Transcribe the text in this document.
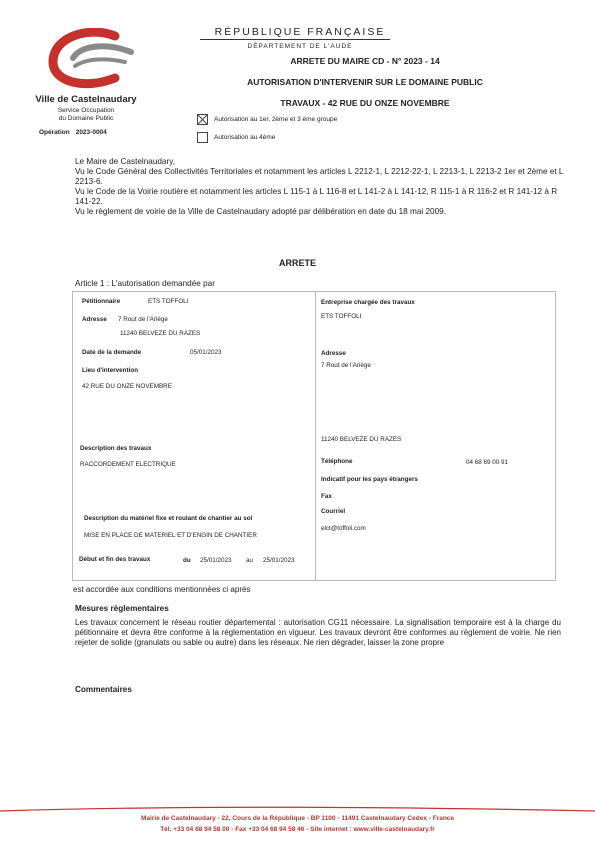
Ville de Castelnaudary
Service Occupation
du Domaine Public
Opération 2023-0004
RÉPUBLIQUE FRANÇAISE
DÉPARTEMENT DE L'AUDE
ARRETE DU MAIRE CD - N° 2023 - 14
AUTORISATION D'INTERVENIR SUR LE DOMAINE PUBLIC
TRAVAUX - 42 RUE DU ONZE NOVEMBRE
Autorisation au 1er, 2ème et 3 ème groupe
Autorisation au 4ème

Le Maire de Castelnaudary,

Vu le Code Général des Collectivités Territoriales et notamment les articles L 2212-1, L 2212-22-1, L 2213-1, L 2213-2 1er et 2ème et L 2213-6.

Vu le Code de la Voirie routière et notamment les articles L 115-1 à L 116-8 et L 141-2 à L 141-12, R 115-1 à R 116-2 et R 141-12 à R 141-22.

Vu le règlement de voirie de la Ville de Castelnaudary adopté par délibération en date du 18 mai 2009.

ARRETE
Article 1 : L'autorisation demandée par
Pétitionnaire	ETS TOFFOLI
Adresse 7 Rout de l'Ariège
11240 BELVEZE DU RAZES
Date de la demande	05/01/2023
Lieu d'intervention
42 RUE DU ONZE NOVEMBRE
Description des travaux
RACCORDEMENT ELECTRIQUE
Description du matériel fixe et roulant de chantier au sol
MISE EN PLACE DE MATERIEL ET D'ENGIN DE CHANTIER
Début et fin des travaux	du 25/01/2023 au 25/01/2023
Entreprise chargée des travaux
ETS TOFFOLI
Adresse
7 Rout de l'Ariège
11240 BELVEZE DU RAZES
Téléphone	04 68 69 00 91
Indicatif pour les pays étrangers
Fax
Courriel
elct@toffoli.com
est accordée aux conditions mentionnées ci après
Mesures règlementaires
Les travaux concernent le réseau routier départemental : autorisation CG11 nécessaire. La signalisation temporaire est à la charge du pétitionnaire et devra être conforme à la réglementation en vigueur. Les travaux devront être conformes au règlement de voirie. Ne rien rejeter de solide (granulats ou sable ou autre) dans les réseaux. Ne rien dégrader, laisser la zone propre
Commentaires
Mairie de Castelnaudary - 22, Cours de la République - BP 1100 - 11491 Castelnaudary Cedex - France
Tél. +33 04 68 94 58 00 - Fax +33 04 68 94 58 46 - Site internet : www.ville-castelnaudary.fr
